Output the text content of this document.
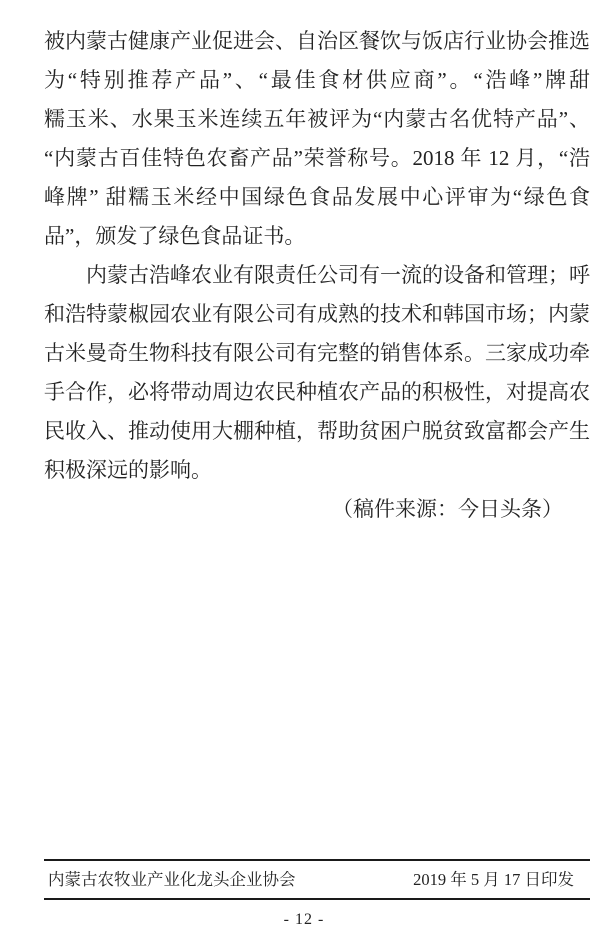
被内蒙古健康产业促进会、自治区餐饮与饭店行业协会推选
为“特别推荐产品”、“最佳食材供应商”。“浩峰”牌甜
糯玉米、水果玉米连续五年被评为“内蒙古名优特产品”、
“内蒙古百佳特色农畜产品”荣誉称号。2018 年 12 月，“浩
峰牌” 甜糯玉米经中国绿色食品发展中心评审为“绿色食
品”，颁发了绿色食品证书。
内蒙古浩峰农业有限责任公司有一流的设备和管理；呼
和浩特蒙椒园农业有限公司有成熟的技术和韩国市场；内蒙
古米曼奇生物科技有限公司有完整的销售体系。三家成功牵
手合作，必将带动周边农民种植农产品的积极性，对提高农
民收入、推动使用大棚种植，帮助贫困户脱贫致富都会产生
积极深远的影响。
（稿件来源：今日头条）
内蒙古农牧业产业化龙头企业协会	2019 年 5 月 17 日印发
- 12 -
